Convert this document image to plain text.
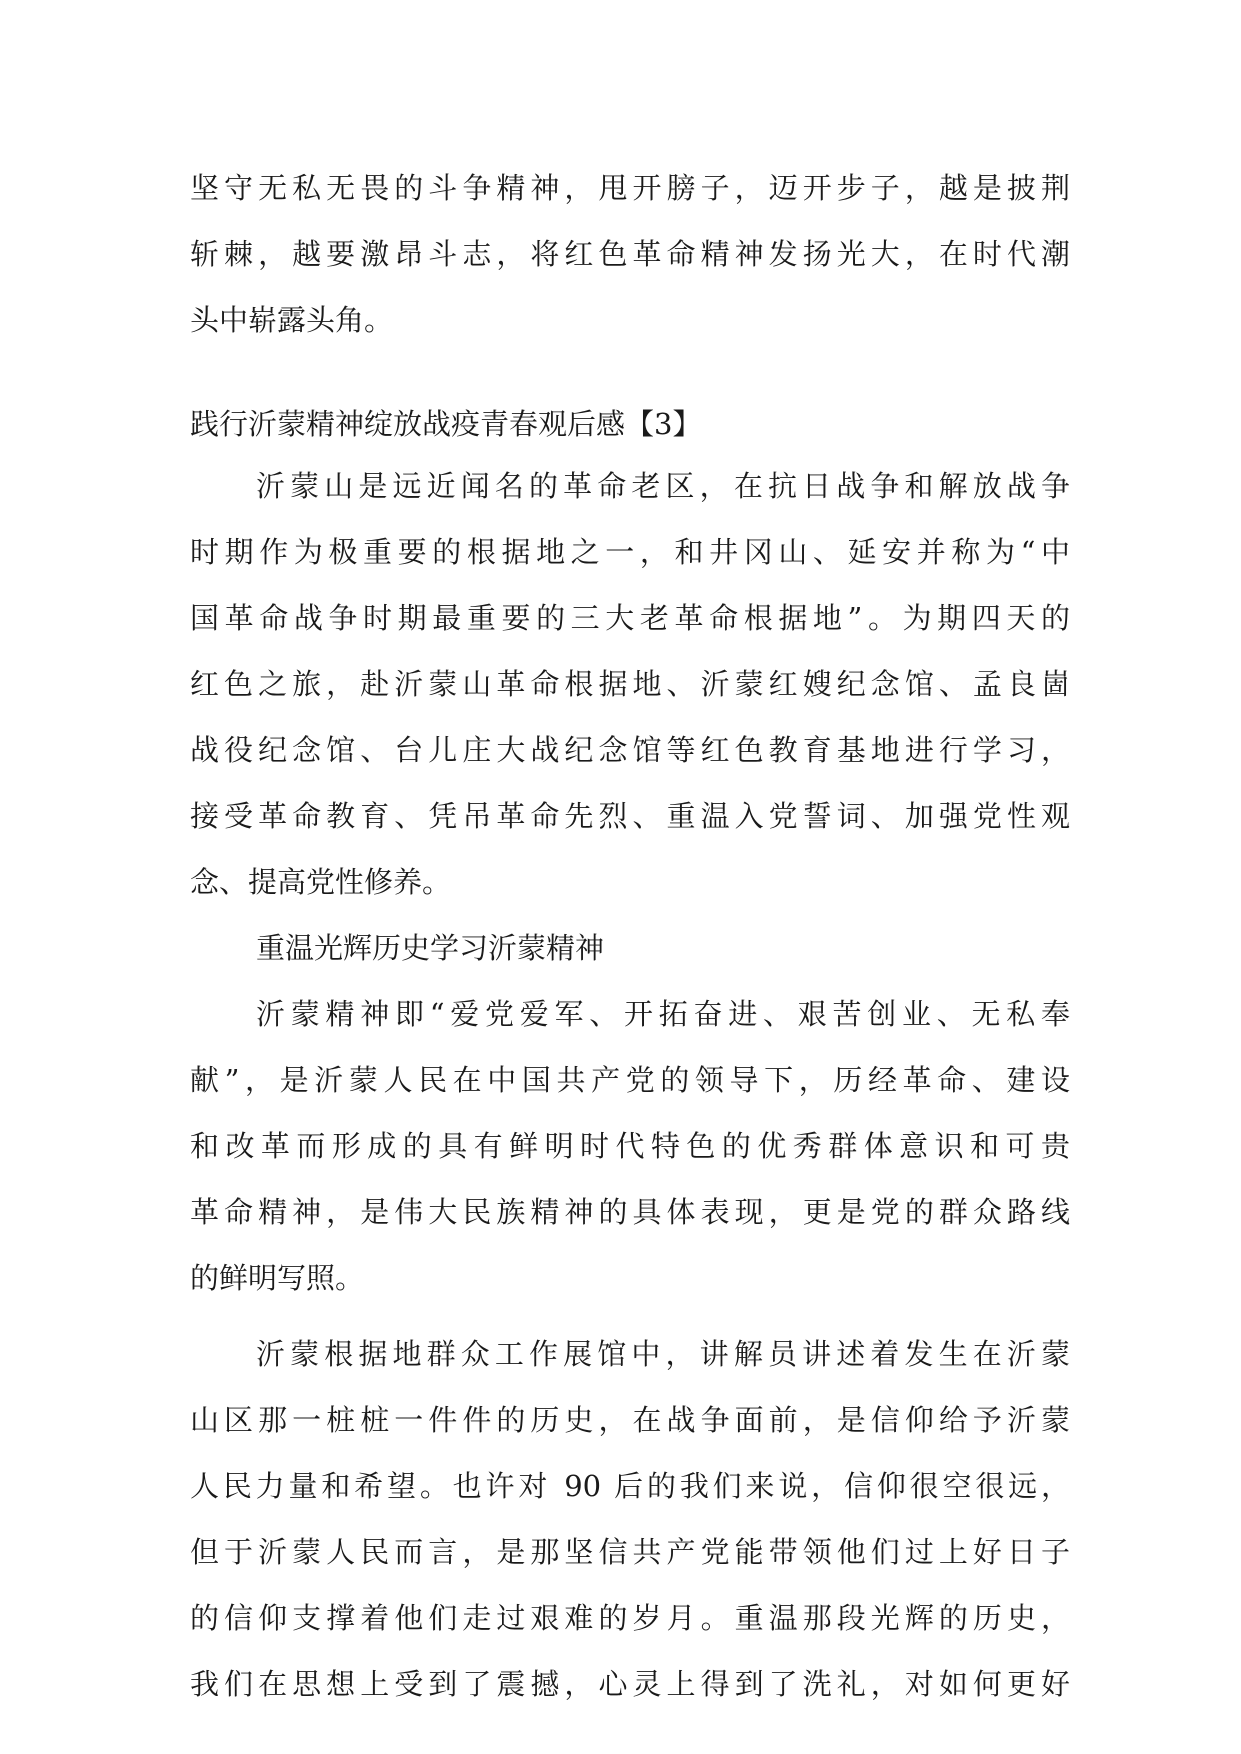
坚守无私无畏的斗争精神，甩开膀子，迈开步子，越是披荆

斩棘，越要激昂斗志，将红色革命精神发扬光大，在时代潮

头中崭露头角。

践行沂蒙精神绽放战疫青春观后感【3】

沂蒙山是远近闻名的革命老区，在抗日战争和解放战争

时期作为极重要的根据地之一，和井冈山、延安并称为“中

国革命战争时期最重要的三大老革命根据地”。为期四天的

红色之旅，赴沂蒙山革命根据地、沂蒙红嫂纪念馆、孟良崮

战役纪念馆、台儿庄大战纪念馆等红色教育基地进行学习，

接受革命教育、凭吊革命先烈、重温入党誓词、加强党性观

念、提高党性修养。

重温光辉历史学习沂蒙精神

沂蒙精神即“爱党爱军、开拓奋进、艰苦创业、无私奉

献”，是沂蒙人民在中国共产党的领导下，历经革命、建设

和改革而形成的具有鲜明时代特色的优秀群体意识和可贵

革命精神，是伟大民族精神的具体表现，更是党的群众路线

的鲜明写照。

沂蒙根据地群众工作展馆中，讲解员讲述着发生在沂蒙

山区那一桩桩一件件的历史，在战争面前，是信仰给予沂蒙

人民力量和希望。也许对 90 后的我们来说，信仰很空很远，

但于沂蒙人民而言，是那坚信共产党能带领他们过上好日子

的信仰支撑着他们走过艰难的岁月。重温那段光辉的历史，

我们在思想上受到了震撼，心灵上得到了洗礼，对如何更好
